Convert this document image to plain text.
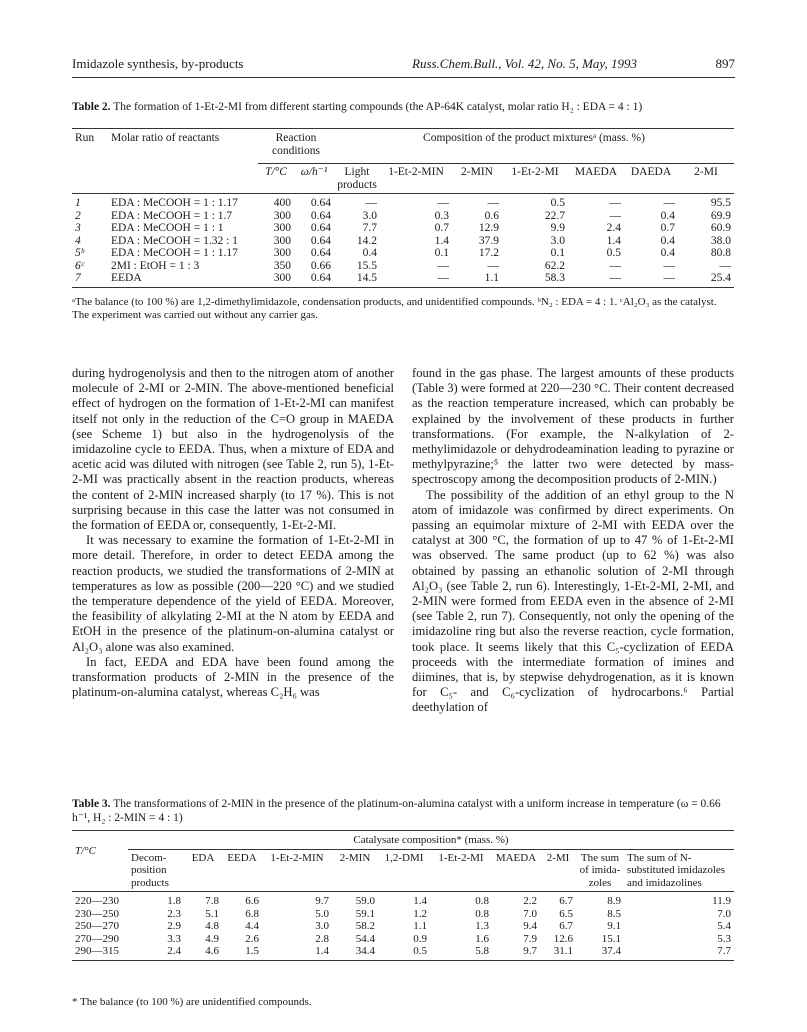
Imidazole synthesis, by-products	Russ.Chem.Bull., Vol. 42, No. 5, May, 1993	897
Table 2. The formation of 1-Et-2-MI from different starting compounds (the AP-64K catalyst, molar ratio H₂ : EDA = 4 : 1)
Run	Molar ratio of reactants	Reaction conditions		Composition of the product mixturesᵃ (mass. %)						

		T/°C	ω/h⁻¹	Light products	1-Et-2-MIN	2-MIN	1-Et-2-MI	MAEDA	DAEDA	2-MI
1	EDA : MeCOOH = 1 : 1.17	400	0.64	—	—	—	0.5	—	—	95.5
2	EDA : MeCOOH = 1 : 1.7	300	0.64	3.0	0.3	0.6	22.7	—	0.4	69.9
3	EDA : MeCOOH = 1 : 1	300	0.64	7.7	0.7	12.9	9.9	2.4	0.7	60.9
4	EDA : MeCOOH = 1.32 : 1	300	0.64	14.2	1.4	37.9	3.0	1.4	0.4	38.0
5ᵇ	EDA : MeCOOH = 1 : 1.17	300	0.64	0.4	0.1	17.2	0.1	0.5	0.4	80.8
6ᶜ	2MI : EtOH = 1 : 3	350	0.66	15.5	—	—	62.2	—	—	—
7	EEDA	300	0.64	14.5	—	1.1	58.3	—	—	25.4
ᵃThe balance (to 100 %) are 1,2-dimethylimidazole, condensation products, and unidentified compounds. ᵇN₂ : EDA = 4 : 1. ᶜAl₂O₃ as the catalyst. The experiment was carried out without any carrier gas.

during hydrogenolysis and then to the nitrogen atom of another molecule of 2-MI or 2-MIN. The above-mentioned beneficial effect of hydrogen on the formation of 1-Et-2-MI can manifest itself not only in the reduction of the C=O group in MAEDA (see Scheme 1) but also in the hydrogenolysis of the imidazoline cycle to EEDA. Thus, when a mixture of EDA and acetic acid was diluted with nitrogen (see Table 2, run 5), 1-Et-2-MI was practically absent in the reaction products, whereas the content of 2-MIN increased sharply (to 17 %). This is not surprising because in this case the latter was not consumed in the formation of EEDA or, consequently, 1-Et-2-MI.

It was necessary to examine the formation of 1-Et-2-MI in more detail. Therefore, in order to detect EEDA among the reaction products, we studied the transformations of 2-MIN at temperatures as low as possible (200—220 °C) and we studied the temperature dependence of the yield of EEDA. Moreover, the feasibility of alkylating 2-MI at the N atom by EEDA and EtOH in the presence of the platinum-on-alumina catalyst or Al₂O₃ alone was also examined.

In fact, EEDA and EDA have been found among the transformation products of 2-MIN in the presence of the platinum-on-alumina catalyst, whereas C₂H₆ was

found in the gas phase. The largest amounts of these products (Table 3) were formed at 220—230 °C. Their content decreased as the reaction temperature increased, which can probably be explained by the involvement of these products in further transformations. (For example, the N-alkylation of 2-methylimidazole or dehydrodeamination leading to pyrazine or methylpyrazine;⁵ the latter two were detected by mass-spectroscopy among the decomposition products of 2-MIN.)

The possibility of the addition of an ethyl group to the N atom of imidazole was confirmed by direct experiments. On passing an equimolar mixture of 2-MI with EEDA over the catalyst at 300 °C, the formation of up to 47 % of 1-Et-2-MI was observed. The same product (up to 62 %) was also obtained by passing an ethanolic solution of 2-MI through Al₂O₃ (see Table 2, run 6). Interestingly, 1-Et-2-MI, 2-MI, and 2-MIN were formed from EEDA even in the absence of 2-MI (see Table 2, run 7). Consequently, not only the opening of the imidazoline ring but also the reverse reaction, cycle formation, took place. It seems likely that this C₅-cyclization of EEDA proceeds with the intermediate formation of imines and diimines, that is, by stepwise dehydrogenation, as it is known for C₅- and C₆-cyclization of hydrocarbons.⁶ Partial deethylation of

Table 3. The transformations of 2-MIN in the presence of the platinum-on-alumina catalyst with a uniform increase in temperature (ω = 0.66 h⁻¹, H₂ : 2-MIN = 4 : 1)
T/°C	Catalysate composition* (mass. %)										
	Decom-position products	EDA	EEDA	1-Et-2-MIN	2-MIN	1,2-DMI	1-Et-2-MI	MAEDA	2-MI	The sum of imida-zoles	The sum of N-substituted imidazoles and imidazolines
220—230	1.8	7.8	6.6	9.7	59.0	1.4	0.8	2.2	6.7	8.9	11.9
230—250	2.3	5.1	6.8	5.0	59.1	1.2	0.8	7.0	6.5	8.5	7.0
250—270	2.9	4.8	4.4	3.0	58.2	1.1	1.3	9.4	6.7	9.1	5.4
270—290	3.3	4.9	2.6	2.8	54.4	0.9	1.6	7.9	12.6	15.1	5.3
290—315	2.4	4.6	1.5	1.4	34.4	0.5	5.8	9.7	31.1	37.4	7.7
* The balance (to 100 %) are unidentified compounds.
